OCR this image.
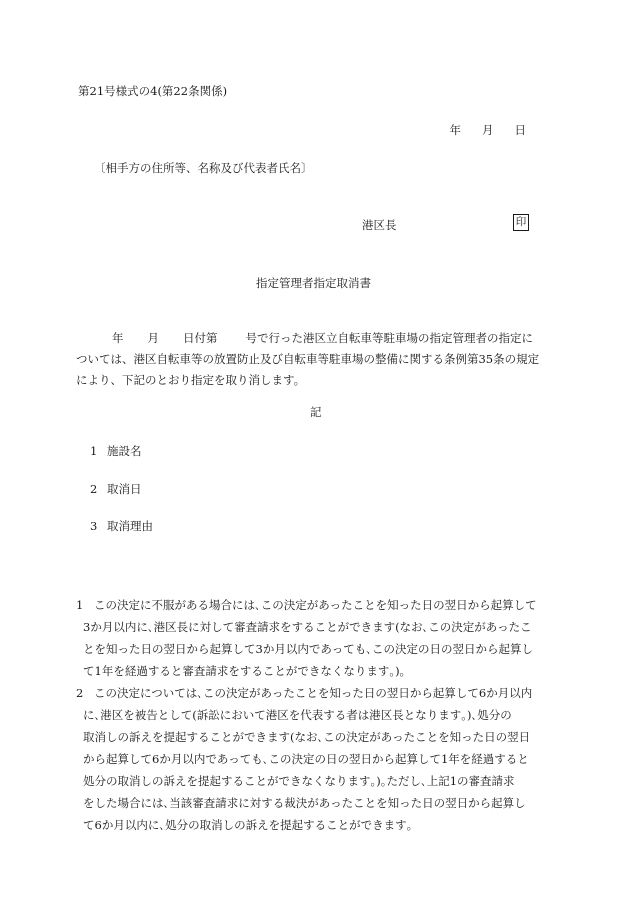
第21号様式の4(第22条関係)
年 月 日
〔相手方の住所等、名称及び代表者氏名〕
港区長	印
指定管理者指定取消書
年 月 日付第 号で行った港区立自転車等駐車場の指定管理者の指定に
ついては、港区自転車等の放置防止及び自転車等駐車場の整備に関する条例第35条の規定
により、下記のとおり指定を取り消します。
記
1 施設名
2 取消日
3 取消理由
1 この決定に不服がある場合には､この決定があったことを知った日の翌日から起算して
3か月以内に､港区長に対して審査請求をすることができます(なお､この決定があったこ
とを知った日の翌日から起算して3か月以内であっても､この決定の日の翌日から起算し
て1年を経過すると審査請求をすることができなくなります｡)｡
2 この決定については､この決定があったことを知った日の翌日から起算して6か月以内
に､港区を被告として(訴訟において港区を代表する者は港区長となります｡)､処分の
取消しの訴えを提起することができます(なお､この決定があったことを知った日の翌日
から起算して6か月以内であっても､この決定の日の翌日から起算して1年を経過すると
処分の取消しの訴えを提起することができなくなります｡)｡ただし､上記1の審査請求
をした場合には､当該審査請求に対する裁決があったことを知った日の翌日から起算し
て6か月以内に､処分の取消しの訴えを提起することができます｡
